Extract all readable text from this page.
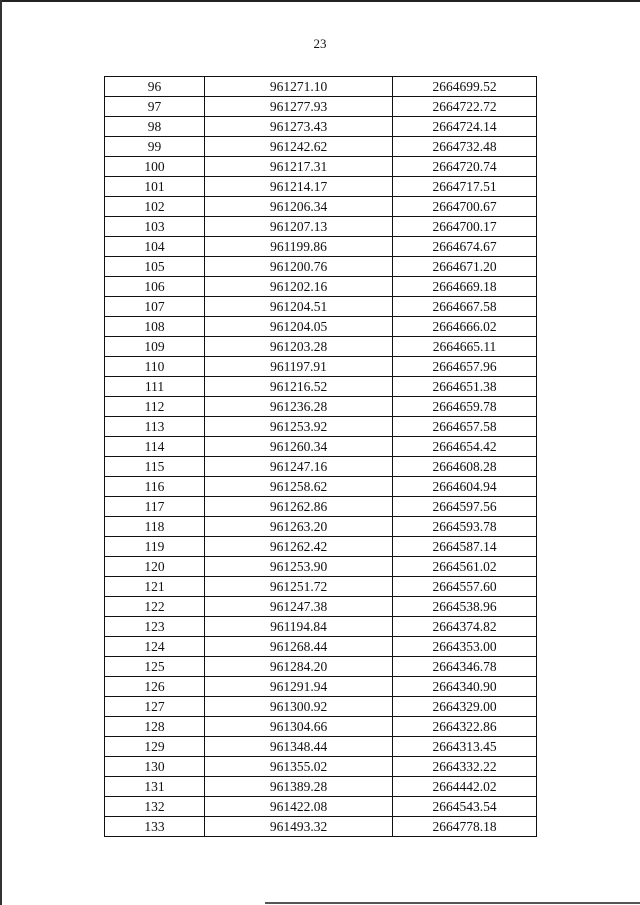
23
96	961271.10	2664699.52
97	961277.93	2664722.72
98	961273.43	2664724.14
99	961242.62	2664732.48
100	961217.31	2664720.74
101	961214.17	2664717.51
102	961206.34	2664700.67
103	961207.13	2664700.17
104	961199.86	2664674.67
105	961200.76	2664671.20
106	961202.16	2664669.18
107	961204.51	2664667.58
108	961204.05	2664666.02
109	961203.28	2664665.11
110	961197.91	2664657.96
111	961216.52	2664651.38
112	961236.28	2664659.78
113	961253.92	2664657.58
114	961260.34	2664654.42
115	961247.16	2664608.28
116	961258.62	2664604.94
117	961262.86	2664597.56
118	961263.20	2664593.78
119	961262.42	2664587.14
120	961253.90	2664561.02
121	961251.72	2664557.60
122	961247.38	2664538.96
123	961194.84	2664374.82
124	961268.44	2664353.00
125	961284.20	2664346.78
126	961291.94	2664340.90
127	961300.92	2664329.00
128	961304.66	2664322.86
129	961348.44	2664313.45
130	961355.02	2664332.22
131	961389.28	2664442.02
132	961422.08	2664543.54
133	961493.32	2664778.18
